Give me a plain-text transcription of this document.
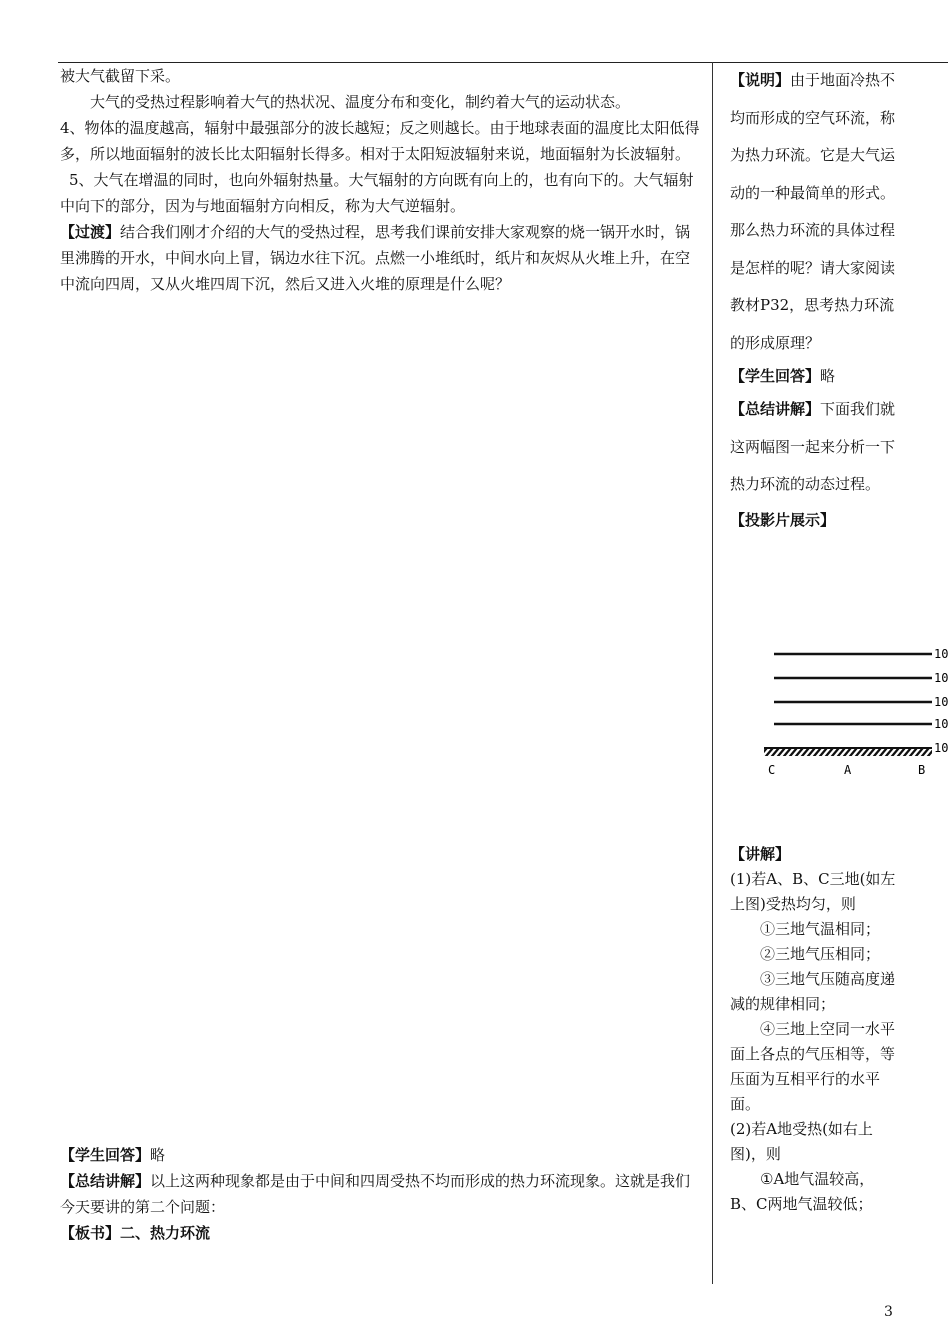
被大气截留下采。

大气的受热过程影响着大气的热状况、温度分布和变化，制约着大气的运动状态。

4、物体的温度越高，辐射中最强部分的波长越短；反之则越长。由于地球表面的温度比太阳低得多，所以地面辐射的波长比太阳辐射长得多。相对于太阳短波辐射来说，地面辐射为长波辐射。

5、大气在增温的同时，也向外辐射热量。大气辐射的方向既有向上的，也有向下的。大气辐射中向下的部分，因为与地面辐射方向相反，称为大气逆辐射。

【过渡】结合我们刚才介绍的大气的受热过程，思考我们课前安排大家观察的烧一锅开水时，锅里沸腾的开水，中间水向上冒，锅边水往下沉。点燃一小堆纸时，纸片和灰烬从火堆上升，在空中流向四周，又从火堆四周下沉，然后又进入火堆的原理是什么呢？

【学生回答】略

【总结讲解】以上这两种现象都是由于中间和四周受热不均而形成的热力环流现象。这就是我们今天要讲的第二个问题：

【板书】二、热力环流

【说明】由于地面冷热不均而形成的空气环流，称为热力环流。它是大气运动的一种最简单的形式。那么热力环流的具体过程是怎样的呢？请大家阅读教材P32，思考热力环流的形成原理？

【学生回答】略

【总结讲解】下面我们就这两幅图一起来分析一下热力环流的动态过程。

【投影片展示】

10
10
10
10
10
C	A	B

【讲解】

(1)若A、B、C三地(如左上图)受热均匀，则

①三地气温相同；

②三地气压相同；

③三地气压随高度递减的规律相同；

④三地上空同一水平面上各点的气压相等，等压面为互相平行的水平面。

(2)若A地受热(如右上图)，则

①A地气温较高，B、C两地气温较低；

3
